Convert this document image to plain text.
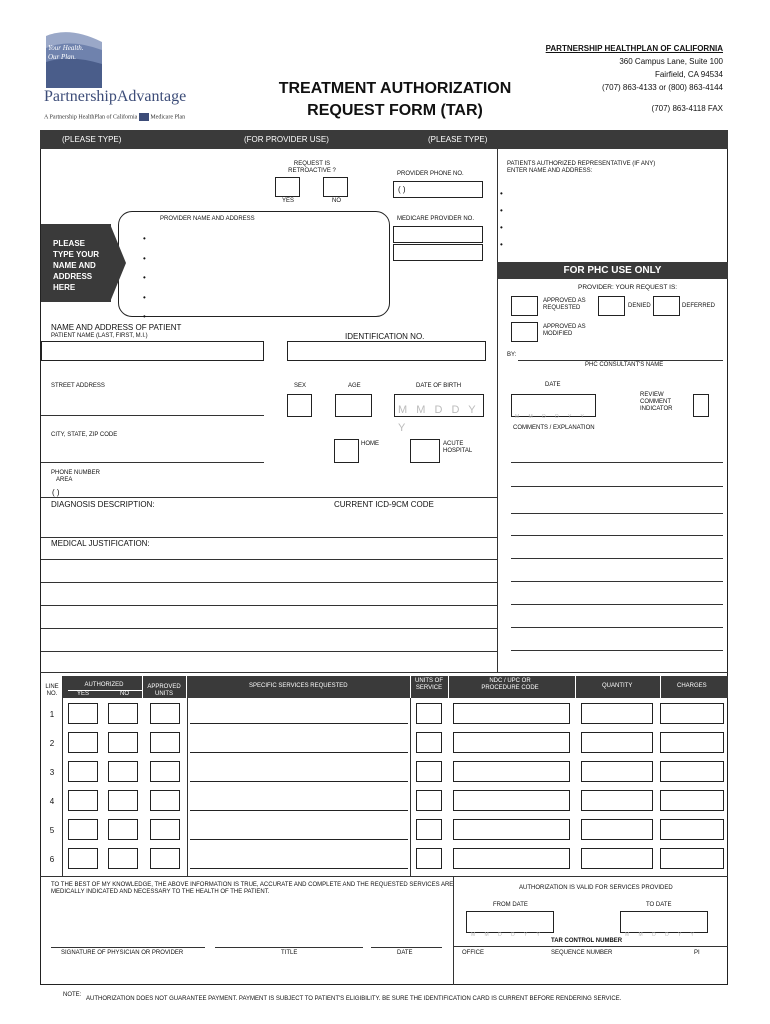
Your Health.
Our Plan.
PartnershipAdvantage
A Partnership HealthPlan of California Medicare Plan
TREATMENT AUTHORIZATION
REQUEST FORM (TAR)
PARTNERSHIP HEALTHPLAN OF CALIFORNIA
360 Campus Lane, Suite 100
Fairfield, CA 94534
(707) 863-4133 or (800) 863-4144
(707) 863-4118 FAX
(PLEASE TYPE)	(FOR PROVIDER USE)	(PLEASE TYPE)
REQUEST IS RETROACTIVE ?
YES	NO
PROVIDER PHONE NO.
( )
PROVIDER NAME AND ADDRESS	MEDICARE PROVIDER NO.
•
•
•
•
•
PLEASE TYPE YOUR NAME AND ADDRESS HERE
PATIENTS AUTHORIZED REPRESENTATIVE (IF ANY) ENTER NAME AND ADDRESS:
•
•
•
•
FOR PHC USE ONLY
PROVIDER: YOUR REQUEST IS:
APPROVED AS REQUESTED	DENIED	DEFERRED
APPROVED AS MODIFIED
BY:
PHC CONSULTANT'S NAME
DATE
M M D D Y Y
REVIEW COMMENT INDICATOR
COMMENTS / EXPLANATION
NAME AND ADDRESS OF PATIENT
PATIENT NAME (LAST, FIRST, M.I.)	IDENTIFICATION NO.
STREET ADDRESS	SEX	AGE	DATE OF BIRTH
M M D D Y Y
CITY, STATE, ZIP CODE
HOME	ACUTE HOSPITAL
PHONE NUMBER
AREA
( )
DIAGNOSIS DESCRIPTION:	CURRENT ICD-9CM CODE
MEDICAL JUSTIFICATION:
LINE NO.
AUTHORIZED
YES	NO
APPROVED UNITS
SPECIFIC SERVICES REQUESTED
UNITS OF SERVICE
NDC / UPC OR PROCEDURE CODE	QUANTITY	CHARGES
1
2
3
4
5
6
TO THE BEST OF MY KNOWLEDGE, THE ABOVE INFORMATION IS TRUE, ACCURATE AND COMPLETE AND THE REQUESTED SERVICES ARE MEDICALLY INDICATED AND NECESSARY TO THE HEALTH OF THE PATIENT.
AUTHORIZATION IS VALID FOR SERVICES PROVIDED
FROM DATE	TO DATE
M M D D Y Y	M M D D Y Y
TAR CONTROL NUMBER
SIGNATURE OF PHYSICIAN OR PROVIDER	TITLE	DATE	OFFICE	SEQUENCE NUMBER	PI
NOTE:
AUTHORIZATION DOES NOT GUARANTEE PAYMENT. PAYMENT IS SUBJECT TO PATIENT'S ELIGIBILITY. BE SURE THE IDENTIFICATION CARD IS CURRENT BEFORE RENDERING SERVICE.
